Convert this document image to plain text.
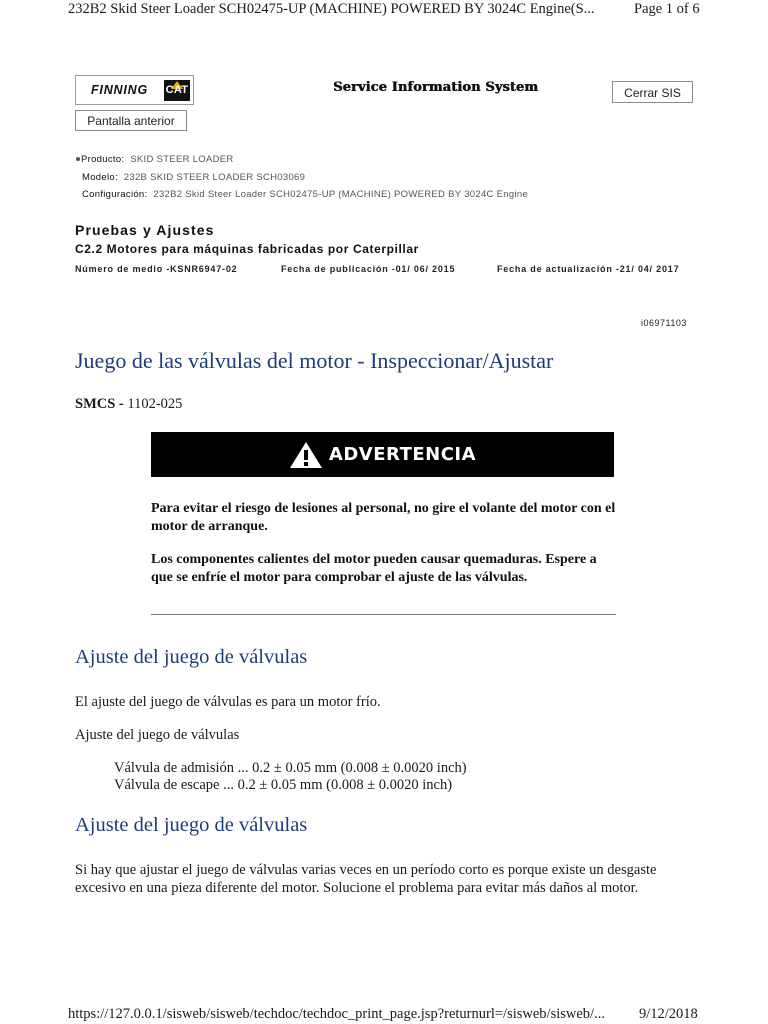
232B2 Skid Steer Loader SCH02475-UP (MACHINE) POWERED BY 3024C Engine(S...	Page 1 of 6
FINNING CAT	Service Information System
Pantalla anterior
Cerrar SIS
Producto: SKID STEER LOADER
Modelo: 232B SKID STEER LOADER SCH03069
Configuración: 232B2 Skid Steer Loader SCH02475-UP (MACHINE) POWERED BY 3024C Engine
Pruebas y Ajustes
C2.2 Motores para máquinas fabricadas por Caterpillar
Número de medio -KSNR6947-02	Fecha de publicación -01/ 06/ 2015	Fecha de actualización -21/ 04/ 2017
i06971103
Juego de las válvulas del motor - Inspeccionar/Ajustar
SMCS - 1102-025
ADVERTENCIA
Para evitar el riesgo de lesiones al personal, no gire el volante del motor con el motor de arranque.
Los componentes calientes del motor pueden causar quemaduras. Espere a que se enfríe el motor para comprobar el ajuste de las válvulas.
Ajuste del juego de válvulas
El ajuste del juego de válvulas es para un motor frío.
Ajuste del juego de válvulas
Válvula de admisión ... 0.2 ± 0.05 mm (0.008 ± 0.0020 inch)
Válvula de escape ... 0.2 ± 0.05 mm (0.008 ± 0.0020 inch)
Ajuste del juego de válvulas
Si hay que ajustar el juego de válvulas varias veces en un período corto es porque existe un desgaste excesivo en una pieza diferente del motor. Solucione el problema para evitar más daños al motor.
https://127.0.0.1/sisweb/sisweb/techdoc/techdoc_print_page.jsp?returnurl=/sisweb/sisweb/... 9/12/2018
